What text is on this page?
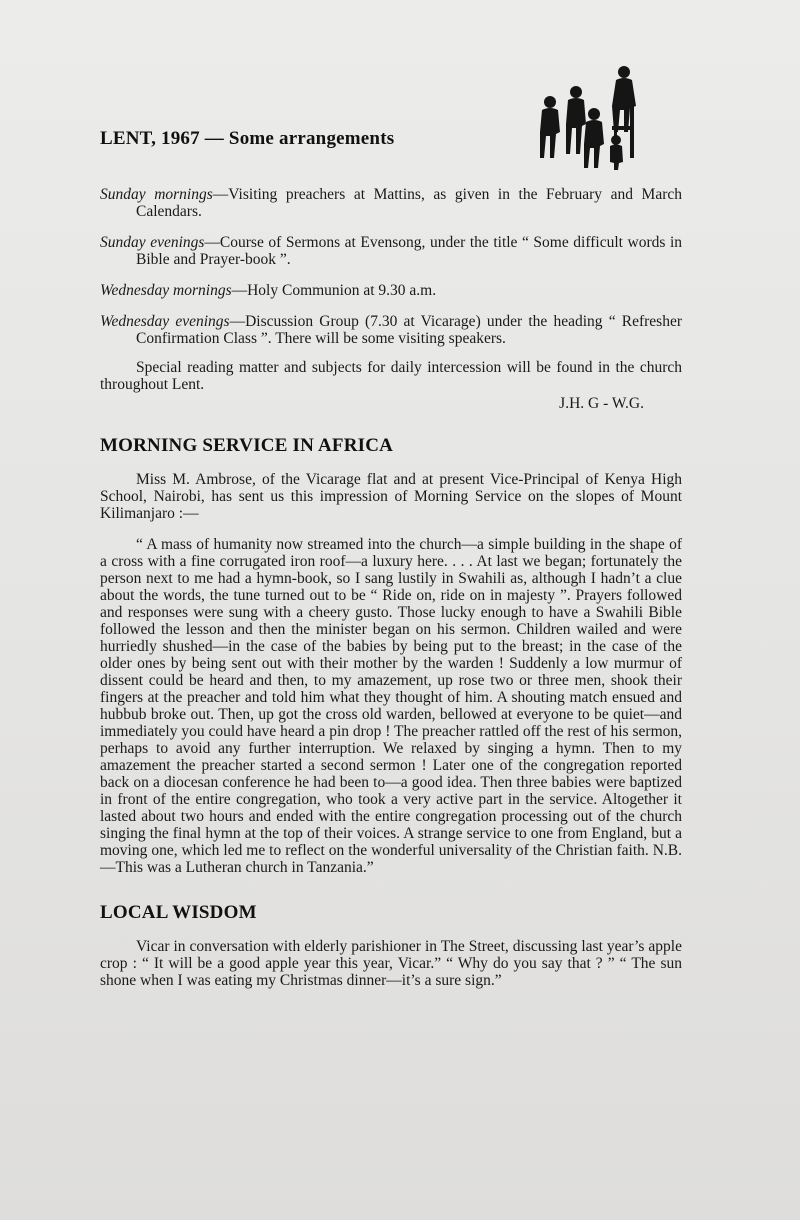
LENT, 1967 — Some arrangements

Sunday mornings—Visiting preachers at Mattins, as given in the February and March Calendars.

Sunday evenings—Course of Sermons at Evensong, under the title “ Some difficult words in Bible and Prayer-book ”.

Wednesday mornings—Holy Communion at 9.30 a.m.

Wednesday evenings—Discussion Group (7.30 at Vicarage) under the heading “ Refresher Confirmation Class ”. There will be some visiting speakers.

Special reading matter and subjects for daily intercession will be found in the church throughout Lent.

J.H. G - W.G.
MORNING SERVICE IN AFRICA

Miss M. Ambrose, of the Vicarage flat and at present Vice-Principal of Kenya High School, Nairobi, has sent us this impression of Morning Service on the slopes of Mount Kilimanjaro :—

“ A mass of humanity now streamed into the church—a simple building in the shape of a cross with a fine corrugated iron roof—a luxury here. . . . At last we began; fortunately the person next to me had a hymn-book, so I sang lustily in Swahili as, although I hadn’t a clue about the words, the tune turned out to be “ Ride on, ride on in majesty ”. Prayers followed and responses were sung with a cheery gusto. Those lucky enough to have a Swahili Bible followed the lesson and then the minister began on his sermon. Children wailed and were hurriedly shushed—in the case of the babies by being put to the breast; in the case of the older ones by being sent out with their mother by the warden ! Suddenly a low murmur of dissent could be heard and then, to my amazement, up rose two or three men, shook their fingers at the preacher and told him what they thought of him. A shouting match ensued and hubbub broke out. Then, up got the cross old warden, bellowed at everyone to be quiet—and immediately you could have heard a pin drop ! The preacher rattled off the rest of his sermon, perhaps to avoid any further interruption. We relaxed by singing a hymn. Then to my amazement the preacher started a second sermon ! Later one of the congregation reported back on a diocesan conference he had been to—a good idea. Then three babies were baptized in front of the entire congregation, who took a very active part in the service. Altogether it lasted about two hours and ended with the entire congregation processing out of the church singing the final hymn at the top of their voices. A strange service to one from England, but a moving one, which led me to reflect on the wonderful universality of the Christian faith. N.B.—This was a Lutheran church in Tanzania.”

LOCAL WISDOM

Vicar in conversation with elderly parishioner in The Street, discussing last year’s apple crop : “ It will be a good apple year this year, Vicar.” “ Why do you say that ? ” “ The sun shone when I was eating my Christmas dinner—it’s a sure sign.”
